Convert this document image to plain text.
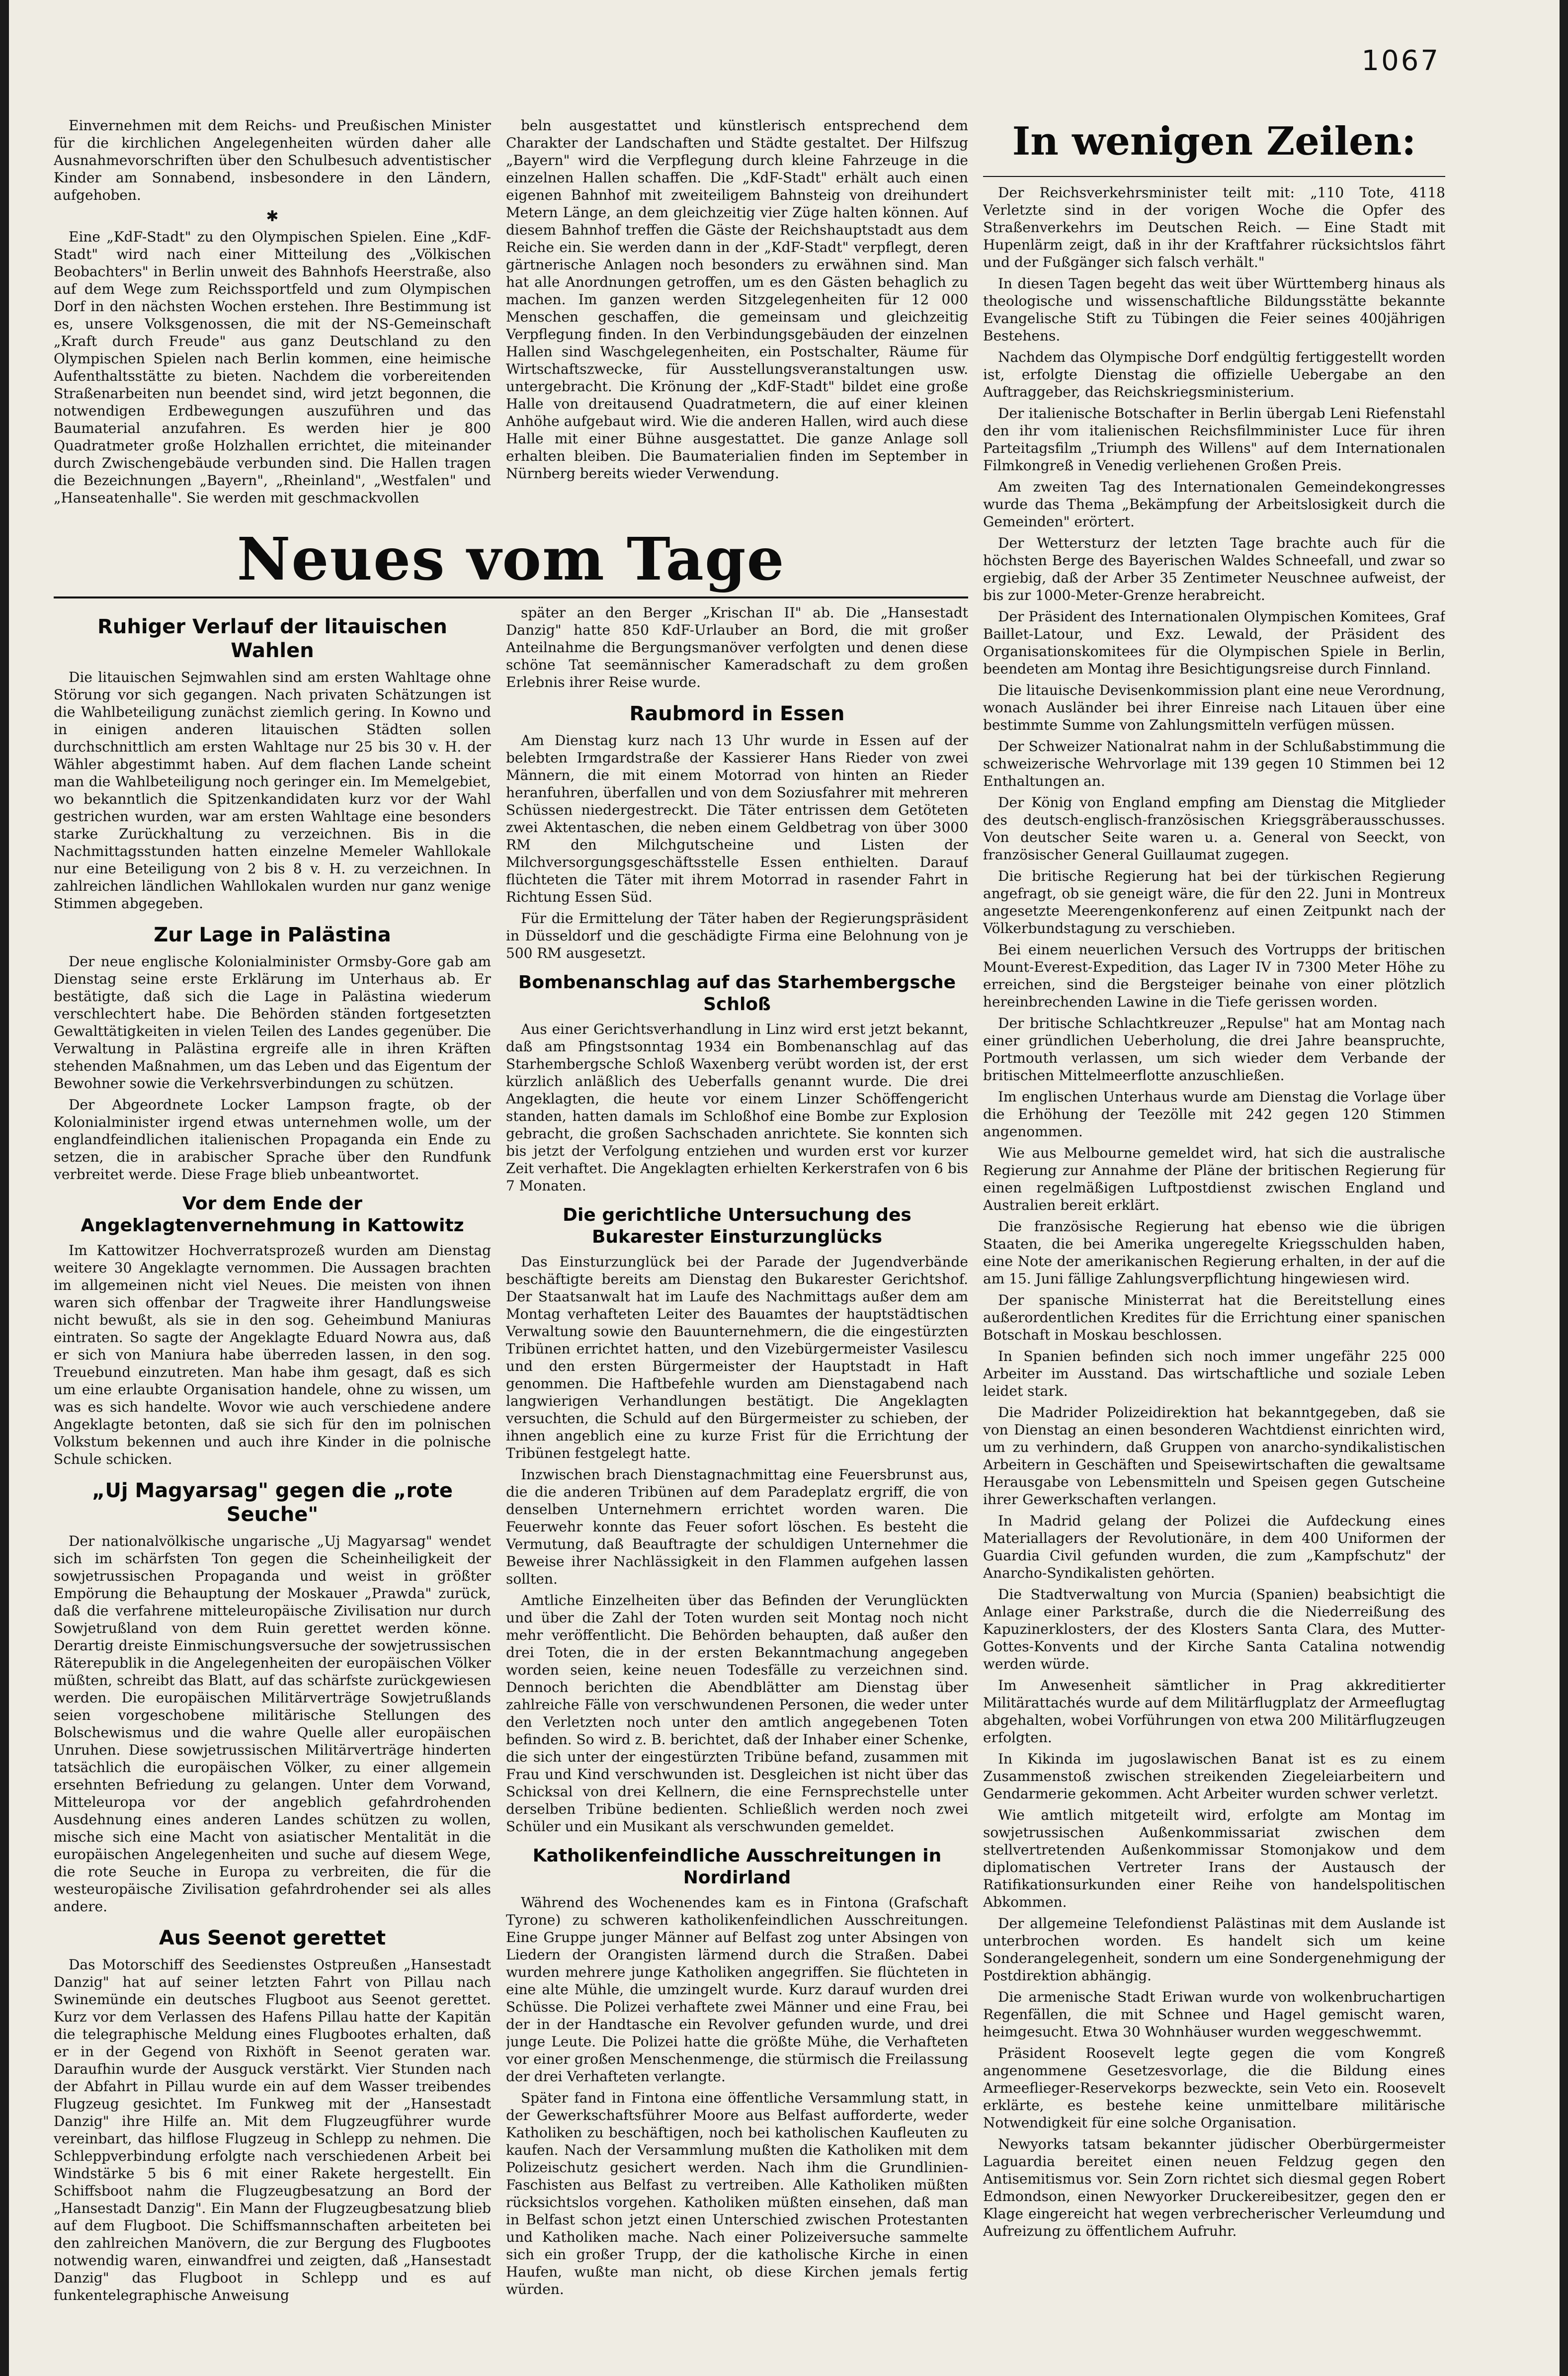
1067

Einvernehmen mit dem Reichs- und Preußischen Minister für die kirchlichen Angelegenheiten würden daher alle Ausnahmevorschriften über den Schulbesuch adventistischer Kinder am Sonnabend, insbesondere in den Ländern, aufgehoben.

✱

Eine „KdF-Stadt" zu den Olympischen Spielen. Eine „KdF-Stadt" wird nach einer Mitteilung des „Völkischen Beobachters" in Berlin unweit des Bahnhofs Heerstraße, also auf dem Wege zum Reichssportfeld und zum Olympischen Dorf in den nächsten Wochen erstehen. Ihre Bestimmung ist es, unsere Volksgenossen, die mit der NS-Gemeinschaft „Kraft durch Freude" aus ganz Deutschland zu den Olympischen Spielen nach Berlin kommen, eine heimische Aufenthaltsstätte zu bieten. Nachdem die vorbereitenden Straßenarbeiten nun beendet sind, wird jetzt begonnen, die notwendigen Erdbewegungen auszuführen und das Baumaterial anzufahren. Es werden hier je 800 Quadratmeter große Holzhallen errichtet, die miteinander durch Zwischengebäude verbunden sind. Die Hallen tragen die Bezeichnungen „Bayern", „Rheinland", „Westfalen" und „Hanseatenhalle". Sie werden mit geschmackvollen

beln ausgestattet und künstlerisch entsprechend dem Charakter der Landschaften und Städte gestaltet. Der Hilfszug „Bayern" wird die Verpflegung durch kleine Fahrzeuge in die einzelnen Hallen schaffen. Die „KdF-Stadt" erhält auch einen eigenen Bahnhof mit zweiteiligem Bahnsteig von dreihundert Metern Länge, an dem gleichzeitig vier Züge halten können. Auf diesem Bahnhof treffen die Gäste der Reichshauptstadt aus dem Reiche ein. Sie werden dann in der „KdF-Stadt" verpflegt, deren gärtnerische Anlagen noch besonders zu erwähnen sind. Man hat alle Anordnungen getroffen, um es den Gästen behaglich zu machen. Im ganzen werden Sitzgelegenheiten für 12 000 Menschen geschaffen, die gemeinsam und gleichzeitig Verpflegung finden. In den Verbindungsgebäuden der einzelnen Hallen sind Waschgelegenheiten, ein Postschalter, Räume für Wirtschaftszwecke, für Ausstellungsveranstaltungen usw. untergebracht. Die Krönung der „KdF-Stadt" bildet eine große Halle von dreitausend Quadratmetern, die auf einer kleinen Anhöhe aufgebaut wird. Wie die anderen Hallen, wird auch diese Halle mit einer Bühne ausgestattet. Die ganze Anlage soll erhalten bleiben. Die Baumaterialien finden im September in Nürnberg bereits wieder Verwendung.

Neues vom Tage
Ruhiger Verlauf der litauischen Wahlen

Die litauischen Sejmwahlen sind am ersten Wahltage ohne Störung vor sich gegangen. Nach privaten Schätzungen ist die Wahlbeteiligung zunächst ziemlich gering. In Kowno und in einigen anderen litauischen Städten sollen durchschnittlich am ersten Wahltage nur 25 bis 30 v. H. der Wähler abgestimmt haben. Auf dem flachen Lande scheint man die Wahlbeteiligung noch geringer ein. Im Memelgebiet, wo bekanntlich die Spitzenkandidaten kurz vor der Wahl gestrichen wurden, war am ersten Wahltage eine besonders starke Zurückhaltung zu verzeichnen. Bis in die Nachmittagsstunden hatten einzelne Memeler Wahllokale nur eine Beteiligung von 2 bis 8 v. H. zu verzeichnen. In zahlreichen ländlichen Wahllokalen wurden nur ganz wenige Stimmen abgegeben.

Zur Lage in Palästina

Der neue englische Kolonialminister Ormsby-Gore gab am Dienstag seine erste Erklärung im Unterhaus ab. Er bestätigte, daß sich die Lage in Palästina wiederum verschlechtert habe. Die Behörden ständen fortgesetzten Gewalttätigkeiten in vielen Teilen des Landes gegenüber. Die Verwaltung in Palästina ergreife alle in ihren Kräften stehenden Maßnahmen, um das Leben und das Eigentum der Bewohner sowie die Verkehrsverbindungen zu schützen.

Der Abgeordnete Locker Lampson fragte, ob der Kolonialminister irgend etwas unternehmen wolle, um der englandfeindlichen italienischen Propaganda ein Ende zu setzen, die in arabischer Sprache über den Rundfunk verbreitet werde. Diese Frage blieb unbeantwortet.

Vor dem Ende der Angeklagtenvernehmung in Kattowitz

Im Kattowitzer Hochverratsprozeß wurden am Dienstag weitere 30 Angeklagte vernommen. Die Aussagen brachten im allgemeinen nicht viel Neues. Die meisten von ihnen waren sich offenbar der Tragweite ihrer Handlungsweise nicht bewußt, als sie in den sog. Geheimbund Maniuras eintraten. So sagte der Angeklagte Eduard Nowra aus, daß er sich von Maniura habe überreden lassen, in den sog. Treuebund einzutreten. Man habe ihm gesagt, daß es sich um eine erlaubte Organisation handele, ohne zu wissen, um was es sich handelte. Wovor wie auch verschiedene andere Angeklagte betonten, daß sie sich für den im polnischen Volkstum bekennen und auch ihre Kinder in die polnische Schule schicken.

„Uj Magyarsag" gegen die „rote Seuche"

Der nationalvölkische ungarische „Uj Magyarsag" wendet sich im schärfsten Ton gegen die Scheinheiligkeit der sowjetrussischen Propaganda und weist in größter Empörung die Behauptung der Moskauer „Prawda" zurück, daß die verfahrene mitteleuropäische Zivilisation nur durch Sowjetrußland von dem Ruin gerettet werden könne. Derartig dreiste Einmischungsversuche der sowjetrussischen Räterepublik in die Angelegenheiten der europäischen Völker müßten, schreibt das Blatt, auf das schärfste zurückgewiesen werden. Die europäischen Militärverträge Sowjetrußlands seien vorgeschobene militärische Stellungen des Bolschewismus und die wahre Quelle aller europäischen Unruhen. Diese sowjetrussischen Militärverträge hinderten tatsächlich die europäischen Völker, zu einer allgemein ersehnten Befriedung zu gelangen. Unter dem Vorwand, Mitteleuropa vor der angeblich gefahrdrohenden Ausdehnung eines anderen Landes schützen zu wollen, mische sich eine Macht von asiatischer Mentalität in die europäischen Angelegenheiten und suche auf diesem Wege, die rote Seuche in Europa zu verbreiten, die für die westeuropäische Zivilisation gefahrdrohender sei als alles andere.

Aus Seenot gerettet

Das Motorschiff des Seedienstes Ostpreußen „Hansestadt Danzig" hat auf seiner letzten Fahrt von Pillau nach Swinemünde ein deutsches Flugboot aus Seenot gerettet. Kurz vor dem Verlassen des Hafens Pillau hatte der Kapitän die telegraphische Meldung eines Flugbootes erhalten, daß er in der Gegend von Rixhöft in Seenot geraten war. Daraufhin wurde der Ausguck verstärkt. Vier Stunden nach der Abfahrt in Pillau wurde ein auf dem Wasser treibendes Flugzeug gesichtet. Im Funkweg mit der „Hansestadt Danzig" ihre Hilfe an. Mit dem Flugzeugführer wurde vereinbart, das hilflose Flugzeug in Schlepp zu nehmen. Die Schleppverbindung erfolgte nach verschiedenen Arbeit bei Windstärke 5 bis 6 mit einer Rakete hergestellt. Ein Schiffsboot nahm die Flugzeugbesatzung an Bord der „Hansestadt Danzig". Ein Mann der Flugzeugbesatzung blieb auf dem Flugboot. Die Schiffsmannschaften arbeiteten bei den zahlreichen Manövern, die zur Bergung des Flugbootes notwendig waren, einwandfrei und zeigten, daß „Hansestadt Danzig" das Flugboot in Schlepp und es auf funkentelegraphische Anweisung

später an den Berger „Krischan II" ab. Die „Hansestadt Danzig" hatte 850 KdF-Urlauber an Bord, die mit großer Anteilnahme die Bergungsmanöver verfolgten und denen diese schöne Tat seemännischer Kameradschaft zu dem großen Erlebnis ihrer Reise wurde.

Raubmord in Essen

Am Dienstag kurz nach 13 Uhr wurde in Essen auf der belebten Irmgardstraße der Kassierer Hans Rieder von zwei Männern, die mit einem Motorrad von hinten an Rieder heranfuhren, überfallen und von dem Soziusfahrer mit mehreren Schüssen niedergestreckt. Die Täter entrissen dem Getöteten zwei Aktentaschen, die neben einem Geldbetrag von über 3000 RM den Milchgutscheine und Listen der Milchversorgungsgeschäftsstelle Essen enthielten. Darauf flüchteten die Täter mit ihrem Motorrad in rasender Fahrt in Richtung Essen Süd.

Für die Ermittelung der Täter haben der Regierungspräsident in Düsseldorf und die geschädigte Firma eine Belohnung von je 500 RM ausgesetzt.

Bombenanschlag auf das Starhembergsche Schloß

Aus einer Gerichtsverhandlung in Linz wird erst jetzt bekannt, daß am Pfingstsonntag 1934 ein Bombenanschlag auf das Starhembergsche Schloß Waxenberg verübt worden ist, der erst kürzlich anläßlich des Ueberfalls genannt wurde. Die drei Angeklagten, die heute vor einem Linzer Schöffengericht standen, hatten damals im Schloßhof eine Bombe zur Explosion gebracht, die großen Sachschaden anrichtete. Sie konnten sich bis jetzt der Verfolgung entziehen und wurden erst vor kurzer Zeit verhaftet. Die Angeklagten erhielten Kerkerstrafen von 6 bis 7 Monaten.

Die gerichtliche Untersuchung des Bukarester Einsturzunglücks

Das Einsturzunglück bei der Parade der Jugendverbände beschäftigte bereits am Dienstag den Bukarester Gerichtshof. Der Staatsanwalt hat im Laufe des Nachmittags außer dem am Montag verhafteten Leiter des Bauamtes der hauptstädtischen Verwaltung sowie den Bauunternehmern, die die eingestürzten Tribünen errichtet hatten, und den Vizebürgermeister Vasilescu und den ersten Bürgermeister der Hauptstadt in Haft genommen. Die Haftbefehle wurden am Dienstagabend nach langwierigen Verhandlungen bestätigt. Die Angeklagten versuchten, die Schuld auf den Bürgermeister zu schieben, der ihnen angeblich eine zu kurze Frist für die Errichtung der Tribünen festgelegt hatte.

Inzwischen brach Dienstagnachmittag eine Feuersbrunst aus, die die anderen Tribünen auf dem Paradeplatz ergriff, die von denselben Unternehmern errichtet worden waren. Die Feuerwehr konnte das Feuer sofort löschen. Es besteht die Vermutung, daß Beauftragte der schuldigen Unternehmer die Beweise ihrer Nachlässigkeit in den Flammen aufgehen lassen sollten.

Amtliche Einzelheiten über das Befinden der Verunglückten und über die Zahl der Toten wurden seit Montag noch nicht mehr veröffentlicht. Die Behörden behaupten, daß außer den drei Toten, die in der ersten Bekanntmachung angegeben worden seien, keine neuen Todesfälle zu verzeichnen sind. Dennoch berichten die Abendblätter am Dienstag über zahlreiche Fälle von verschwundenen Personen, die weder unter den Verletzten noch unter den amtlich angegebenen Toten befinden. So wird z. B. berichtet, daß der Inhaber einer Schenke, die sich unter der eingestürzten Tribüne befand, zusammen mit Frau und Kind verschwunden ist. Desgleichen ist nicht über das Schicksal von drei Kellnern, die eine Fernsprechstelle unter derselben Tribüne bedienten. Schließlich werden noch zwei Schüler und ein Musikant als verschwunden gemeldet.

Katholikenfeindliche Ausschreitungen in Nordirland

Während des Wochenendes kam es in Fintona (Grafschaft Tyrone) zu schweren katholikenfeindlichen Ausschreitungen. Eine Gruppe junger Männer auf Belfast zog unter Absingen von Liedern der Orangisten lärmend durch die Straßen. Dabei wurden mehrere junge Katholiken angegriffen. Sie flüchteten in eine alte Mühle, die umzingelt wurde. Kurz darauf wurden drei Schüsse. Die Polizei verhaftete zwei Männer und eine Frau, bei der in der Handtasche ein Revolver gefunden wurde, und drei junge Leute. Die Polizei hatte die größte Mühe, die Verhafteten vor einer großen Menschenmenge, die stürmisch die Freilassung der drei Verhafteten verlangte.

Später fand in Fintona eine öffentliche Versammlung statt, in der Gewerkschaftsführer Moore aus Belfast aufforderte, weder Katholiken zu beschäftigen, noch bei katholischen Kaufleuten zu kaufen. Nach der Versammlung mußten die Katholiken mit dem Polizeischutz gesichert werden. Nach ihm die Grundlinien-Faschisten aus Belfast zu vertreiben. Alle Katholiken müßten rücksichtslos vorgehen. Katholiken müßten einsehen, daß man in Belfast schon jetzt einen Unterschied zwischen Protestanten und Katholiken mache. Nach einer Polizeiversuche sammelte sich ein großer Trupp, der die katholische Kirche in einen Haufen, wußte man nicht, ob diese Kirchen jemals fertig würden.

In wenigen Zeilen:

Der Reichsverkehrsminister teilt mit: „110 Tote, 4118 Verletzte sind in der vorigen Woche die Opfer des Straßenverkehrs im Deutschen Reich. — Eine Stadt mit Hupenlärm zeigt, daß in ihr der Kraftfahrer rücksichtslos fährt und der Fußgänger sich falsch verhält."

In diesen Tagen begeht das weit über Württemberg hinaus als theologische und wissenschaftliche Bildungsstätte bekannte Evangelische Stift zu Tübingen die Feier seines 400jährigen Bestehens.

Nachdem das Olympische Dorf endgültig fertiggestellt worden ist, erfolgte Dienstag die offizielle Uebergabe an den Auftraggeber, das Reichskriegsministerium.

Der italienische Botschafter in Berlin übergab Leni Riefenstahl den ihr vom italienischen Reichsfilmminister Luce für ihren Parteitagsfilm „Triumph des Willens" auf dem Internationalen Filmkongreß in Venedig verliehenen Großen Preis.

Am zweiten Tag des Internationalen Gemeindekongresses wurde das Thema „Bekämpfung der Arbeitslosigkeit durch die Gemeinden" erörtert.

Der Wettersturz der letzten Tage brachte auch für die höchsten Berge des Bayerischen Waldes Schneefall, und zwar so ergiebig, daß der Arber 35 Zentimeter Neuschnee aufweist, der bis zur 1000-Meter-Grenze herabreicht.

Der Präsident des Internationalen Olympischen Komitees, Graf Baillet-Latour, und Exz. Lewald, der Präsident des Organisationskomitees für die Olympischen Spiele in Berlin, beendeten am Montag ihre Besichtigungsreise durch Finnland.

Die litauische Devisenkommission plant eine neue Verordnung, wonach Ausländer bei ihrer Einreise nach Litauen über eine bestimmte Summe von Zahlungsmitteln verfügen müssen.

Der Schweizer Nationalrat nahm in der Schlußabstimmung die schweizerische Wehrvorlage mit 139 gegen 10 Stimmen bei 12 Enthaltungen an.

Der König von England empfing am Dienstag die Mitglieder des deutsch-englisch-französischen Kriegsgräberausschusses. Von deutscher Seite waren u. a. General von Seeckt, von französischer General Guillaumat zugegen.

Die britische Regierung hat bei der türkischen Regierung angefragt, ob sie geneigt wäre, die für den 22. Juni in Montreux angesetzte Meerengenkonferenz auf einen Zeitpunkt nach der Völkerbundstagung zu verschieben.

Bei einem neuerlichen Versuch des Vortrupps der britischen Mount-Everest-Expedition, das Lager IV in 7300 Meter Höhe zu erreichen, sind die Bergsteiger beinahe von einer plötzlich hereinbrechenden Lawine in die Tiefe gerissen worden.

Der britische Schlachtkreuzer „Repulse" hat am Montag nach einer gründlichen Ueberholung, die drei Jahre beanspruchte, Portmouth verlassen, um sich wieder dem Verbande der britischen Mittelmeerflotte anzuschließen.

Im englischen Unterhaus wurde am Dienstag die Vorlage über die Erhöhung der Teezölle mit 242 gegen 120 Stimmen angenommen.

Wie aus Melbourne gemeldet wird, hat sich die australische Regierung zur Annahme der Pläne der britischen Regierung für einen regelmäßigen Luftpostdienst zwischen England und Australien bereit erklärt.

Die französische Regierung hat ebenso wie die übrigen Staaten, die bei Amerika ungeregelte Kriegsschulden haben, eine Note der amerikanischen Regierung erhalten, in der auf die am 15. Juni fällige Zahlungsverpflichtung hingewiesen wird.

Der spanische Ministerrat hat die Bereitstellung eines außerordentlichen Kredites für die Errichtung einer spanischen Botschaft in Moskau beschlossen.

In Spanien befinden sich noch immer ungefähr 225 000 Arbeiter im Ausstand. Das wirtschaftliche und soziale Leben leidet stark.

Die Madrider Polizeidirektion hat bekanntgegeben, daß sie von Dienstag an einen besonderen Wachtdienst einrichten wird, um zu verhindern, daß Gruppen von anarcho-syndikalistischen Arbeitern in Geschäften und Speisewirtschaften die gewaltsame Herausgabe von Lebensmitteln und Speisen gegen Gutscheine ihrer Gewerkschaften verlangen.

In Madrid gelang der Polizei die Aufdeckung eines Materiallagers der Revolutionäre, in dem 400 Uniformen der Guardia Civil gefunden wurden, die zum „Kampfschutz" der Anarcho-Syndikalisten gehörten.

Die Stadtverwaltung von Murcia (Spanien) beabsichtigt die Anlage einer Parkstraße, durch die die Niederreißung des Kapuzinerklosters, der des Klosters Santa Clara, des Mutter-Gottes-Konvents und der Kirche Santa Catalina notwendig werden würde.

Im Anwesenheit sämtlicher in Prag akkreditierter Militärattachés wurde auf dem Militärflugplatz der Armeeflugtag abgehalten, wobei Vorführungen von etwa 200 Militärflugzeugen erfolgten.

In Kikinda im jugoslawischen Banat ist es zu einem Zusammenstoß zwischen streikenden Ziegeleiarbeitern und Gendarmerie gekommen. Acht Arbeiter wurden schwer verletzt.

Wie amtlich mitgeteilt wird, erfolgte am Montag im sowjetrussischen Außenkommissariat zwischen dem stellvertretenden Außenkommissar Stomonjakow und dem diplomatischen Vertreter Irans der Austausch der Ratifikationsurkunden einer Reihe von handelspolitischen Abkommen.

Der allgemeine Telefondienst Palästinas mit dem Auslande ist unterbrochen worden. Es handelt sich um keine Sonderangelegenheit, sondern um eine Sondergenehmigung der Postdirektion abhängig.

Die armenische Stadt Eriwan wurde von wolkenbruchartigen Regenfällen, die mit Schnee und Hagel gemischt waren, heimgesucht. Etwa 30 Wohnhäuser wurden weggeschwemmt.

Präsident Roosevelt legte gegen die vom Kongreß angenommene Gesetzesvorlage, die die Bildung eines Armeeflieger-Reservekorps bezweckte, sein Veto ein. Roosevelt erklärte, es bestehe keine unmittelbare militärische Notwendigkeit für eine solche Organisation.

Newyorks tatsam bekannter jüdischer Oberbürgermeister Laguardia bereitet einen neuen Feldzug gegen den Antisemitismus vor. Sein Zorn richtet sich diesmal gegen Robert Edmondson, einen Newyorker Druckereibesitzer, gegen den er Klage eingereicht hat wegen verbrecherischer Verleumdung und Aufreizung zu öffentlichem Aufruhr.
